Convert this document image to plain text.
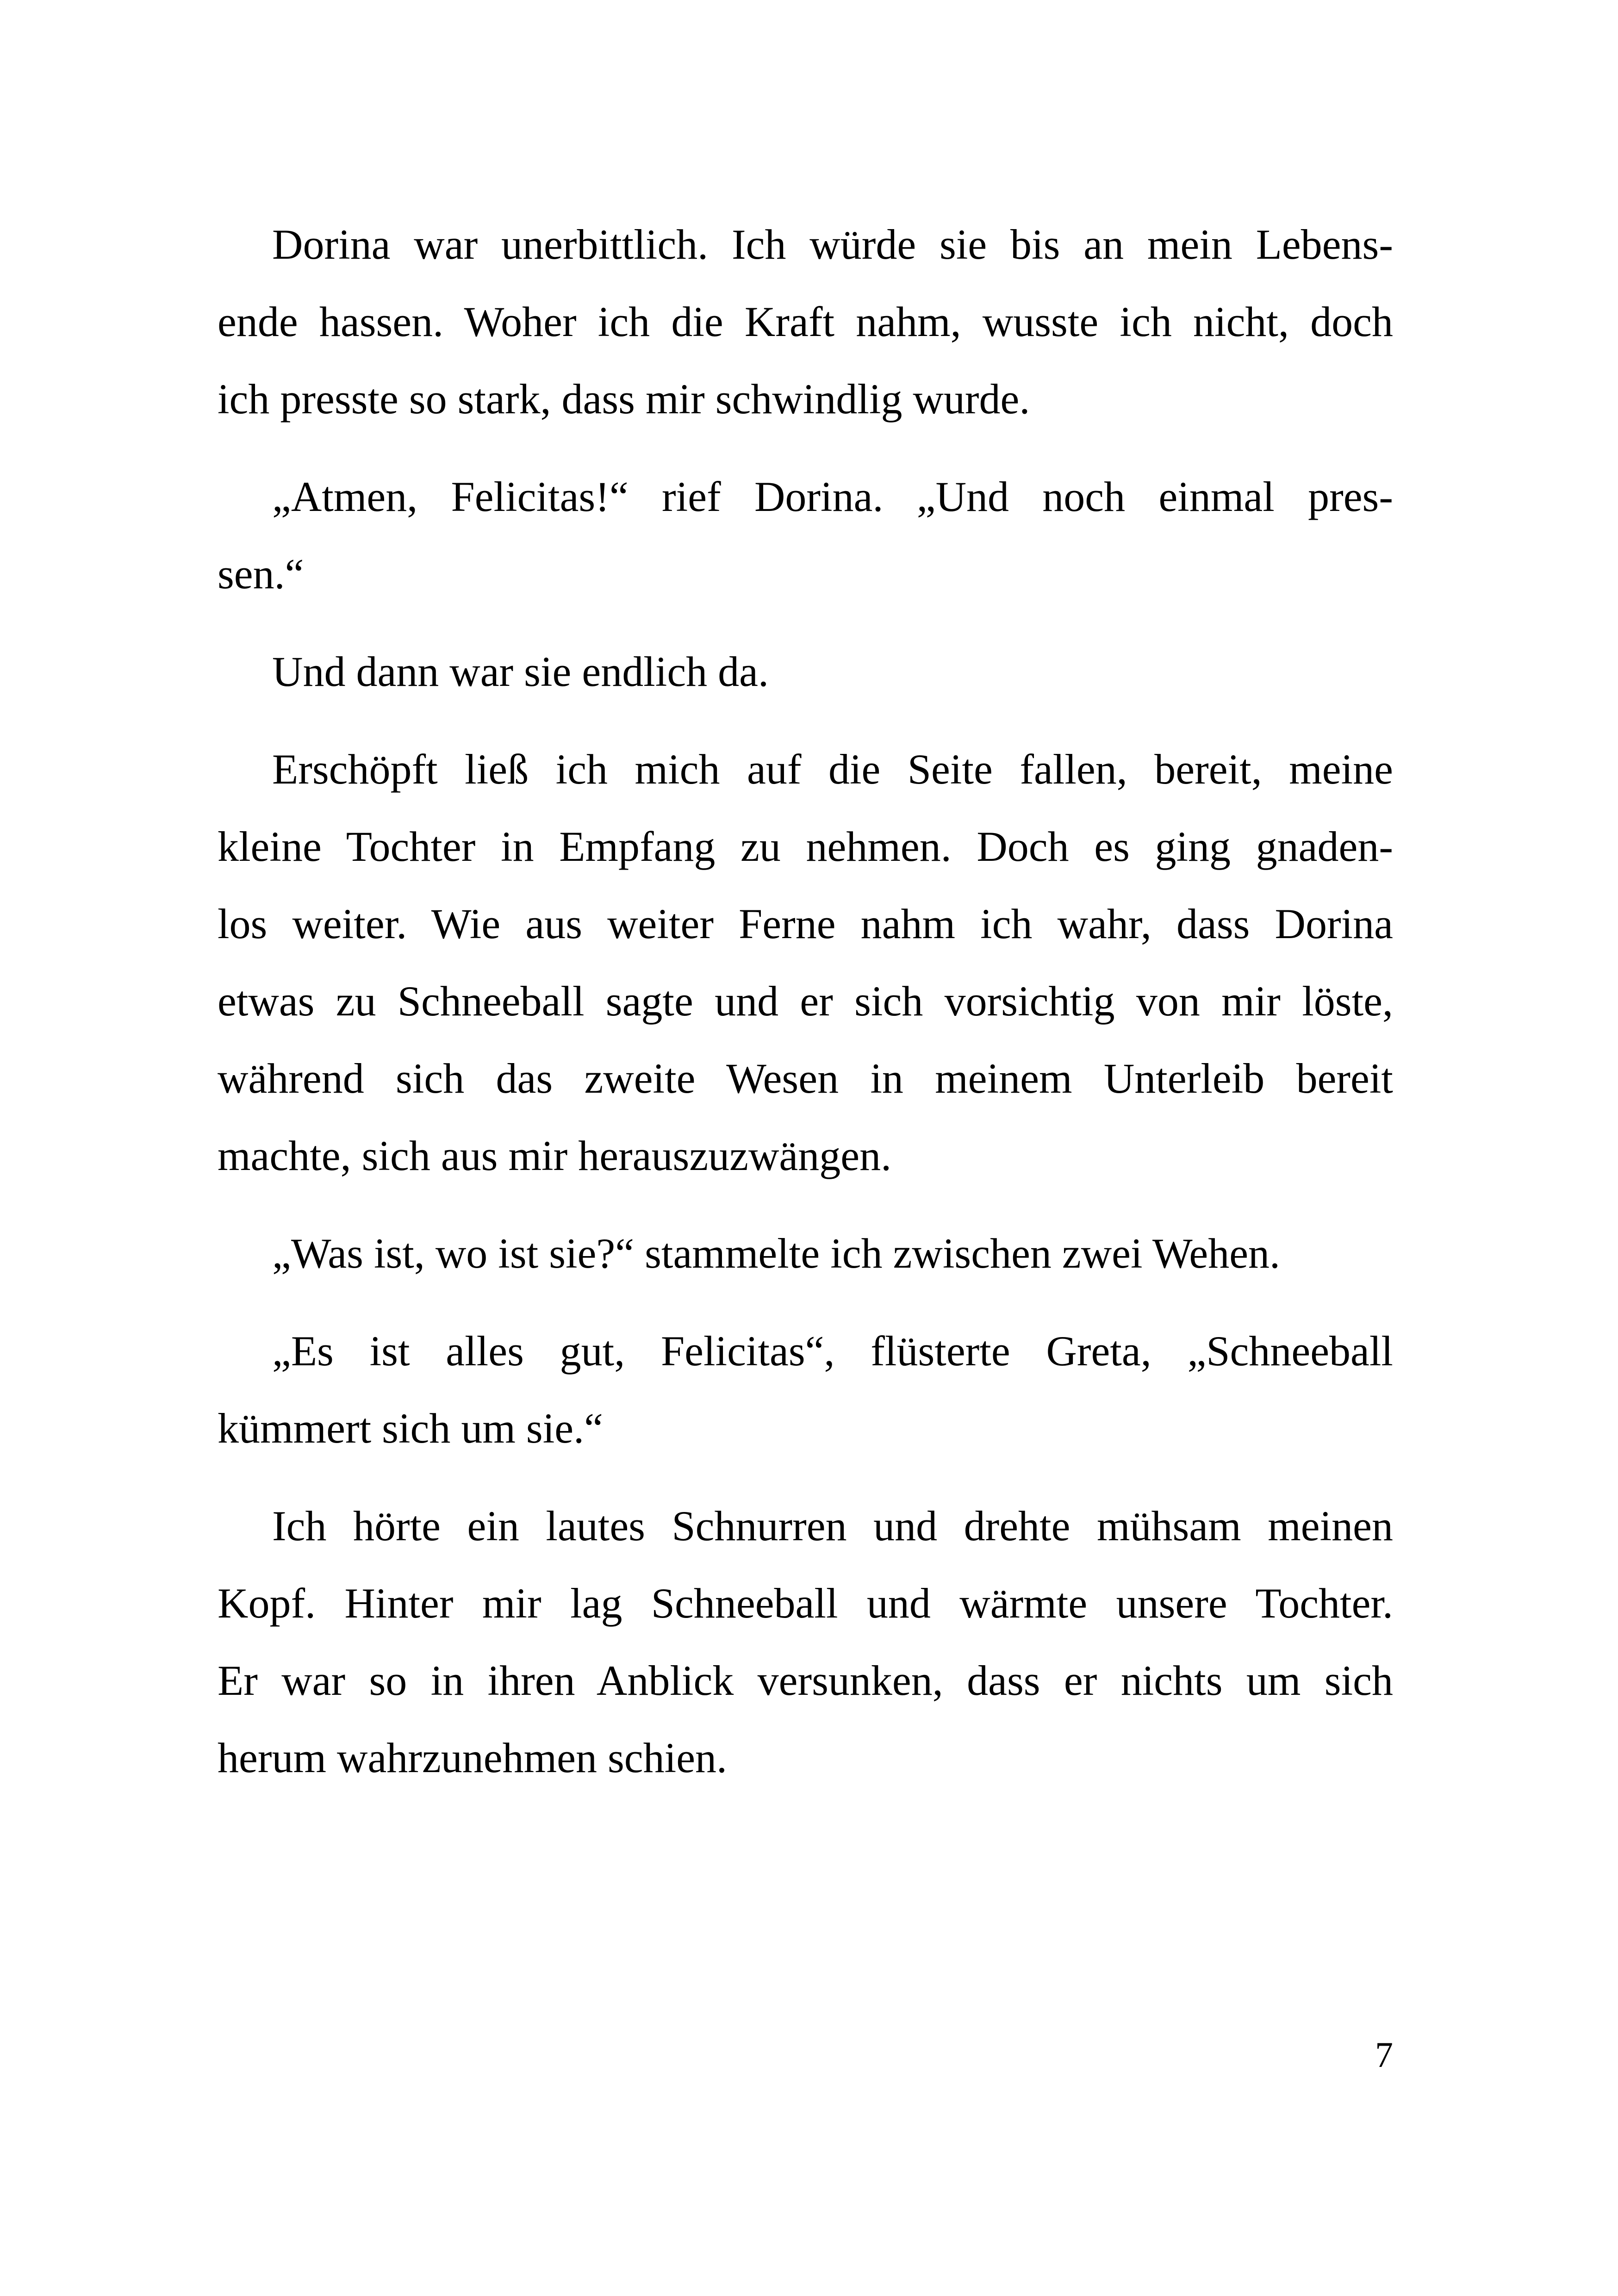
Dorina war unerbittlich. Ich würde sie bis an mein Lebens-
ende hassen. Woher ich die Kraft nahm, wusste ich nicht, doch
ich presste so stark, dass mir schwindlig wurde.
„Atmen, Felicitas!“ rief Dorina. „Und noch einmal pres-
sen.“
Und dann war sie endlich da.
Erschöpft ließ ich mich auf die Seite fallen, bereit, meine
kleine Tochter in Empfang zu nehmen. Doch es ging gnaden-
los weiter. Wie aus weiter Ferne nahm ich wahr, dass Dorina
etwas zu Schneeball sagte und er sich vorsichtig von mir löste,
während sich das zweite Wesen in meinem Unterleib bereit
machte, sich aus mir herauszuzwängen.
„Was ist, wo ist sie?“ stammelte ich zwischen zwei Wehen.
„Es ist alles gut, Felicitas“, flüsterte Greta, „Schneeball
kümmert sich um sie.“
Ich hörte ein lautes Schnurren und drehte mühsam meinen
Kopf. Hinter mir lag Schneeball und wärmte unsere Tochter.
Er war so in ihren Anblick versunken, dass er nichts um sich
herum wahrzunehmen schien.
7
